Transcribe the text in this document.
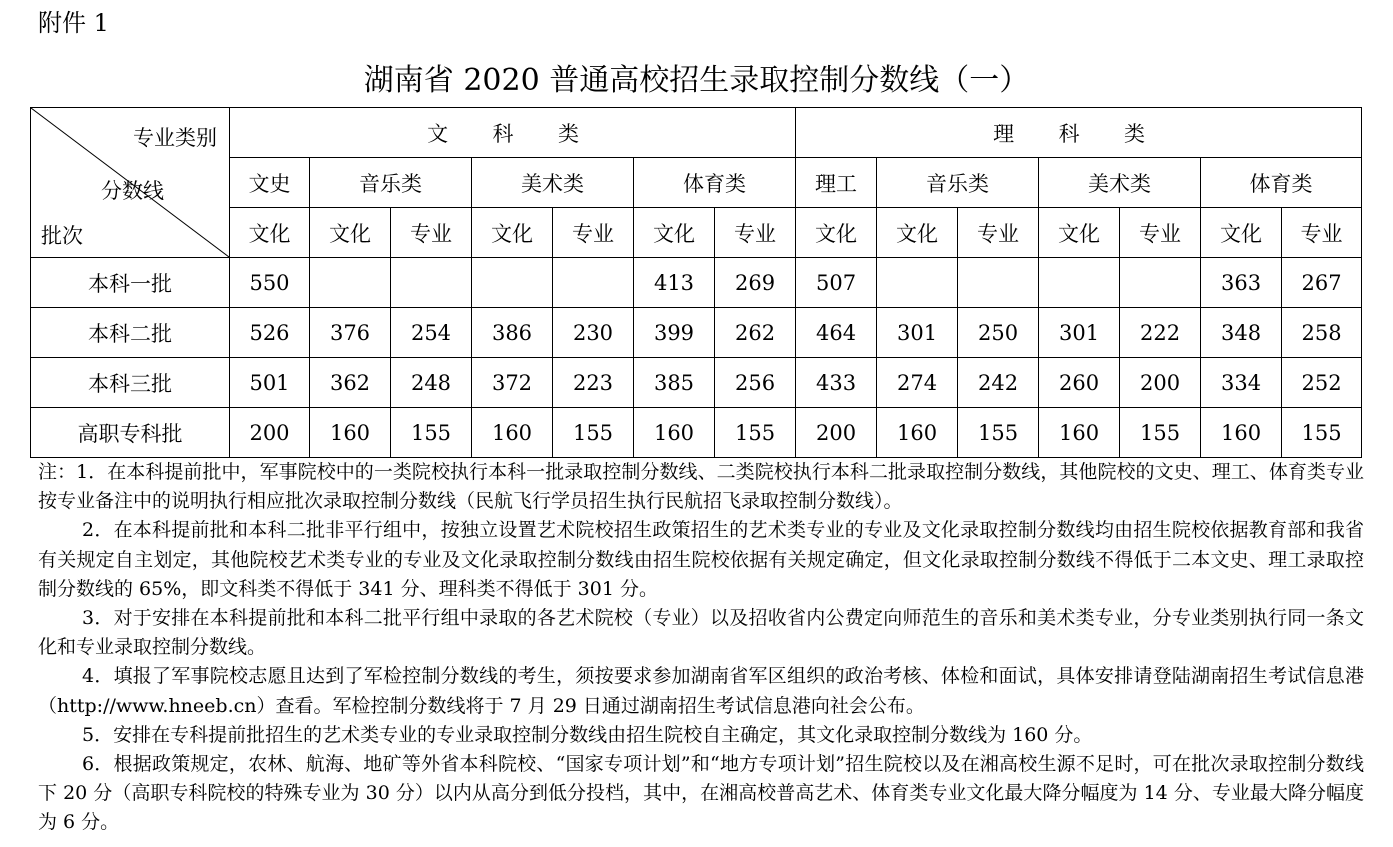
附件 1
湖南省 2020 普通高校招生录取控制分数线（一）
专业类别
分数线
批次	文 科 类							理 科 类						
	文史	音乐类		美术类		体育类		理工	音乐类		美术类		体育类	
	文化	文化	专业	文化	专业	文化	专业	文化	文化	专业	文化	专业	文化	专业
本科一批	550					413	269	507					363	267
本科二批	526	376	254	386	230	399	262	464	301	250	301	222	348	258
本科三批	501	362	248	372	223	385	256	433	274	242	260	200	334	252
高职专科批	200	160	155	160	155	160	155	200	160	155	160	155	160	155

注：1．在本科提前批中，军事院校中的一类院校执行本科一批录取控制分数线、二类院校执行本科二批录取控制分数线，其他院校的文史、理工、体育类专业按专业备注中的说明执行相应批次录取控制分数线（民航飞行学员招生执行民航招飞录取控制分数线）。

2．在本科提前批和本科二批非平行组中，按独立设置艺术院校招生政策招生的艺术类专业的专业及文化录取控制分数线均由招生院校依据教育部和我省有关规定自主划定，其他院校艺术类专业的专业及文化录取控制分数线由招生院校依据有关规定确定，但文化录取控制分数线不得低于二本文史、理工录取控制分数线的 65%，即文科类不得低于 341 分、理科类不得低于 301 分。

3．对于安排在本科提前批和本科二批平行组中录取的各艺术院校（专业）以及招收省内公费定向师范生的音乐和美术类专业，分专业类别执行同一条文化和专业录取控制分数线。

4．填报了军事院校志愿且达到了军检控制分数线的考生，须按要求参加湖南省军区组织的政治考核、体检和面试，具体安排请登陆湖南招生考试信息港（http://www.hneeb.cn）查看。军检控制分数线将于 7 月 29 日通过湖南招生考试信息港向社会公布。

5．安排在专科提前批招生的艺术类专业的专业录取控制分数线由招生院校自主确定，其文化录取控制分数线为 160 分。

6．根据政策规定，农林、航海、地矿等外省本科院校、“国家专项计划”和“地方专项计划”招生院校以及在湘高校生源不足时，可在批次录取控制分数线下 20 分（高职专科院校的特殊专业为 30 分）以内从高分到低分投档，其中，在湘高校普高艺术、体育类专业文化最大降分幅度为 14 分、专业最大降分幅度为 6 分。
